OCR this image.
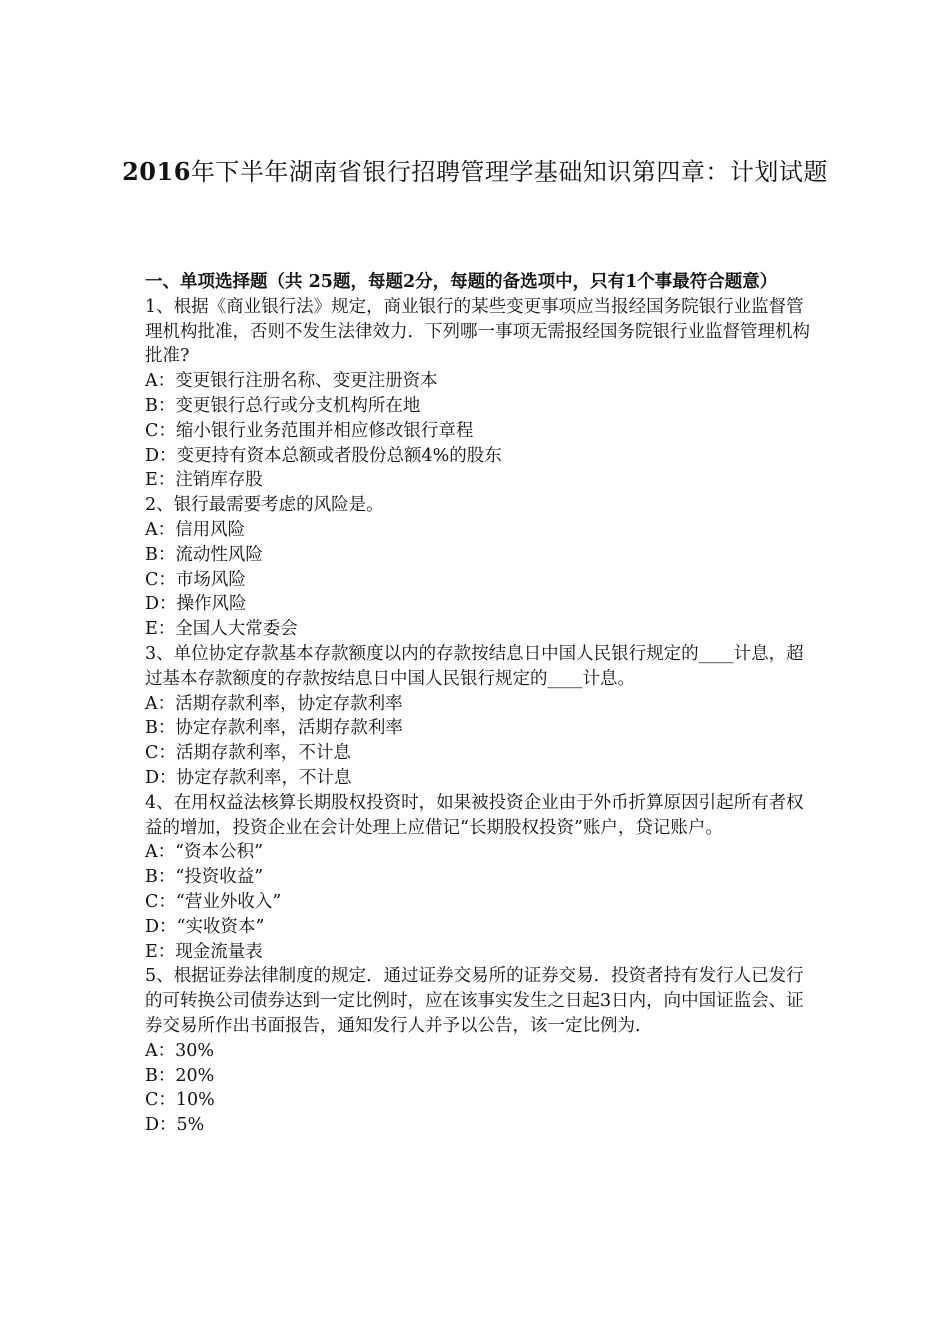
2016年下半年湖南省银行招聘管理学基础知识第四章：计划试题
一、单项选择题（共 25题，每题2分，每题的备选项中，只有1个事最符合题意）
1、根据《商业银行法》规定，商业银行的某些变更事项应当报经国务院银行业监督管理机构批准，否则不发生法律效力．下列哪一事项无需报经国务院银行业监督管理机构批准?
A：变更银行注册名称、变更注册资本
B：变更银行总行或分支机构所在地
C：缩小银行业务范围并相应修改银行章程
D：变更持有资本总额或者股份总额4%的股东
E：注销库存股
2、银行最需要考虑的风险是。
A：信用风险
B：流动性风险
C：市场风险
D：操作风险
E：全国人大常委会
3、单位协定存款基本存款额度以内的存款按结息日中国人民银行规定的____计息，超过基本存款额度的存款按结息日中国人民银行规定的____计息。
A：活期存款利率，协定存款利率
B：协定存款利率，活期存款利率
C：活期存款利率，不计息
D：协定存款利率，不计息
4、在用权益法核算长期股权投资时，如果被投资企业由于外币折算原因引起所有者权益的增加，投资企业在会计处理上应借记“长期股权投资”账户，贷记账户。
A：“资本公积”
B：“投资收益”
C：“营业外收入”
D：“实收资本”
E：现金流量表
5、根据证券法律制度的规定．通过证券交易所的证券交易．投资者持有发行人已发行的可转换公司债券达到一定比例时，应在该事实发生之日起3日内，向中国证监会、证券交易所作出书面报告，通知发行人并予以公告，该一定比例为.
A：30%
B：20%
C：10%
D：5%
